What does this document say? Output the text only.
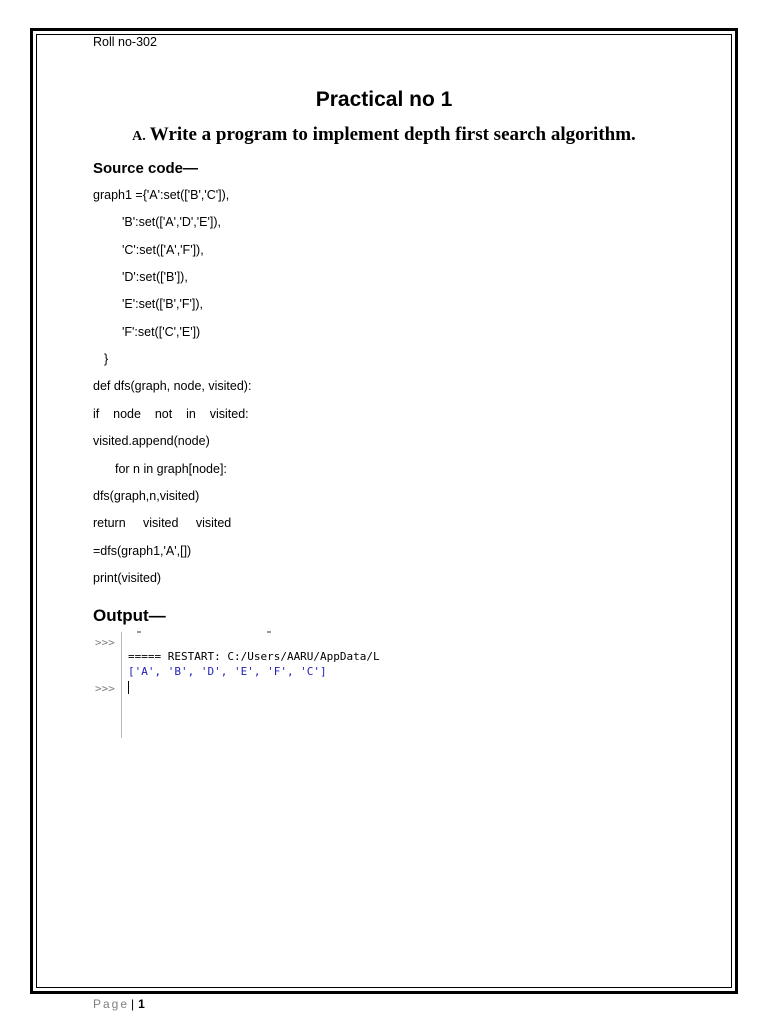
Roll no-302
Practical no 1
A. Write a program to implement depth first search algorithm.
Source code—
graph1 ={'A':set(['B','C']),
'B':set(['A','D','E']),
'C':set(['A','F']),
'D':set(['B']),
'E':set(['B','F']),
'F':set(['C','E'])
}
def dfs(graph, node, visited):
if    node    not    in    visited:
visited.append(node)
for n in graph[node]:
dfs(graph,n,visited)
return     visited     visited
=dfs(graph1,'A',[])
print(visited)
Output—
>>>
>>>
===== RESTART: C:/Users/AARU/AppData/L
['A', 'B', 'D', 'E', 'F', 'C']
Page | 1
